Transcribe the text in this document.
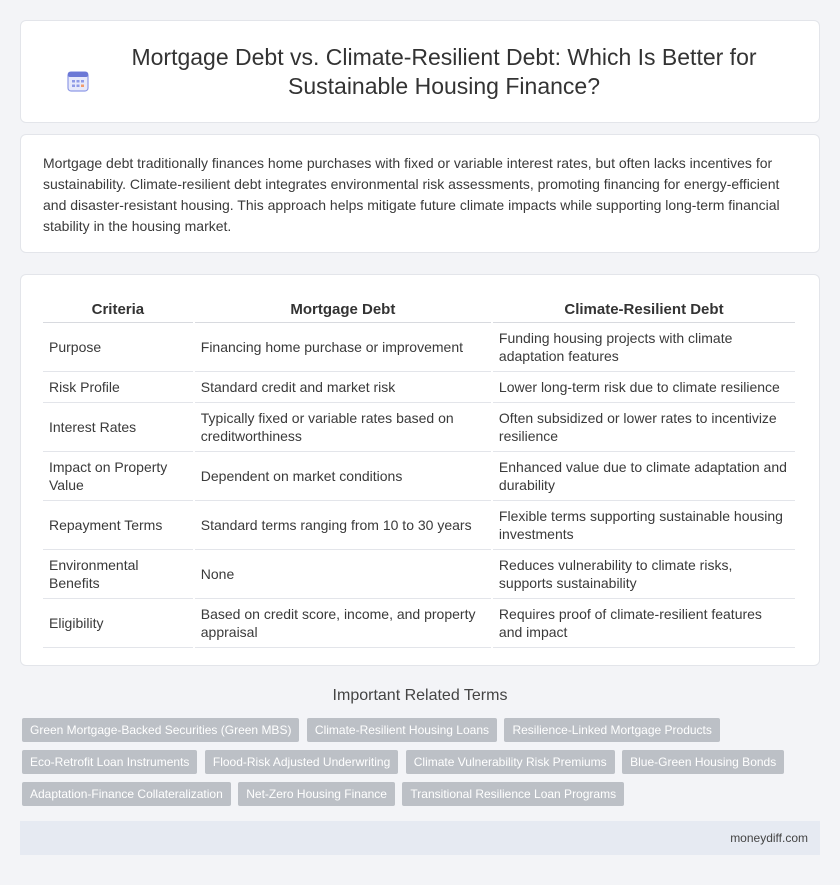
Mortgage Debt vs. Climate-Resilient Debt: Which Is Better for Sustainable Housing Finance?

Mortgage debt traditionally finances home purchases with fixed or variable interest rates, but often lacks incentives for sustainability. Climate-resilient debt integrates environmental risk assessments, promoting financing for energy-efficient and disaster-resistant housing. This approach helps mitigate future climate impacts while supporting long-term financial stability in the housing market.

Criteria	Mortgage Debt	Climate-Resilient Debt
Purpose	Financing home purchase or improvement	Funding housing projects with climate adaptation features
Risk Profile	Standard credit and market risk	Lower long-term risk due to climate resilience
Interest Rates	Typically fixed or variable rates based on creditworthiness	Often subsidized or lower rates to incentivize resilience
Impact on Property Value	Dependent on market conditions	Enhanced value due to climate adaptation and durability
Repayment Terms	Standard terms ranging from 10 to 30 years	Flexible terms supporting sustainable housing investments
Environmental Benefits	None	Reduces vulnerability to climate risks, supports sustainability
Eligibility	Based on credit score, income, and property appraisal	Requires proof of climate-resilient features and impact
Important Related Terms
Green Mortgage-Backed Securities (Green MBS) Climate-Resilient Housing Loans Resilience-Linked Mortgage Products Eco-Retrofit Loan Instruments Flood-Risk Adjusted Underwriting Climate Vulnerability Risk Premiums Blue-Green Housing Bonds Adaptation-Finance Collateralization Net-Zero Housing Finance Transitional Resilience Loan Programs
moneydiff.com
